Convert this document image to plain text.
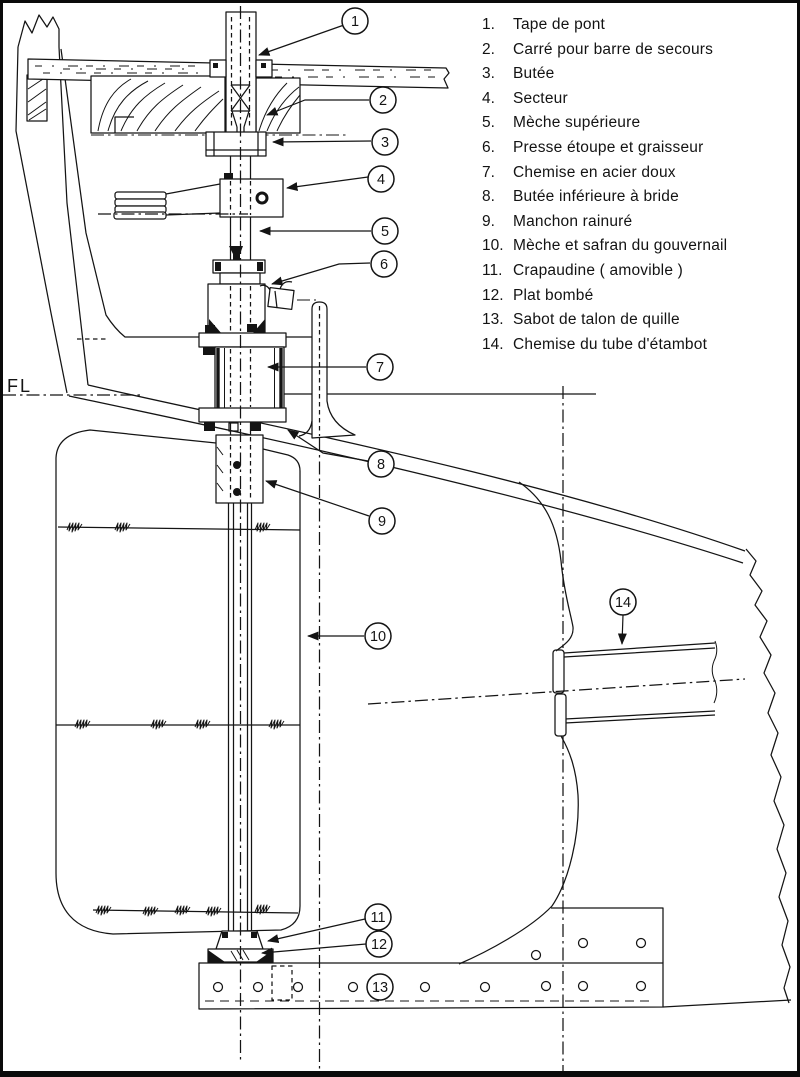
1
2
3
4
5
6
7
8
9
10
11
12
13
14
FL
1.	Tape de pont
2.	Carré pour barre de secours
3.	Butée
4.	Secteur
5.	Mèche supérieure
6.	Presse étoupe et graisseur
7.	Chemise en acier doux
8.	Butée inférieure à bride
9.	Manchon rainuré
10. Mèche et safran du gouvernail
11. Crapaudine ( amovible )
12. Plat bombé
13. Sabot de talon de quille
14. Chemise du tube d'étambot
